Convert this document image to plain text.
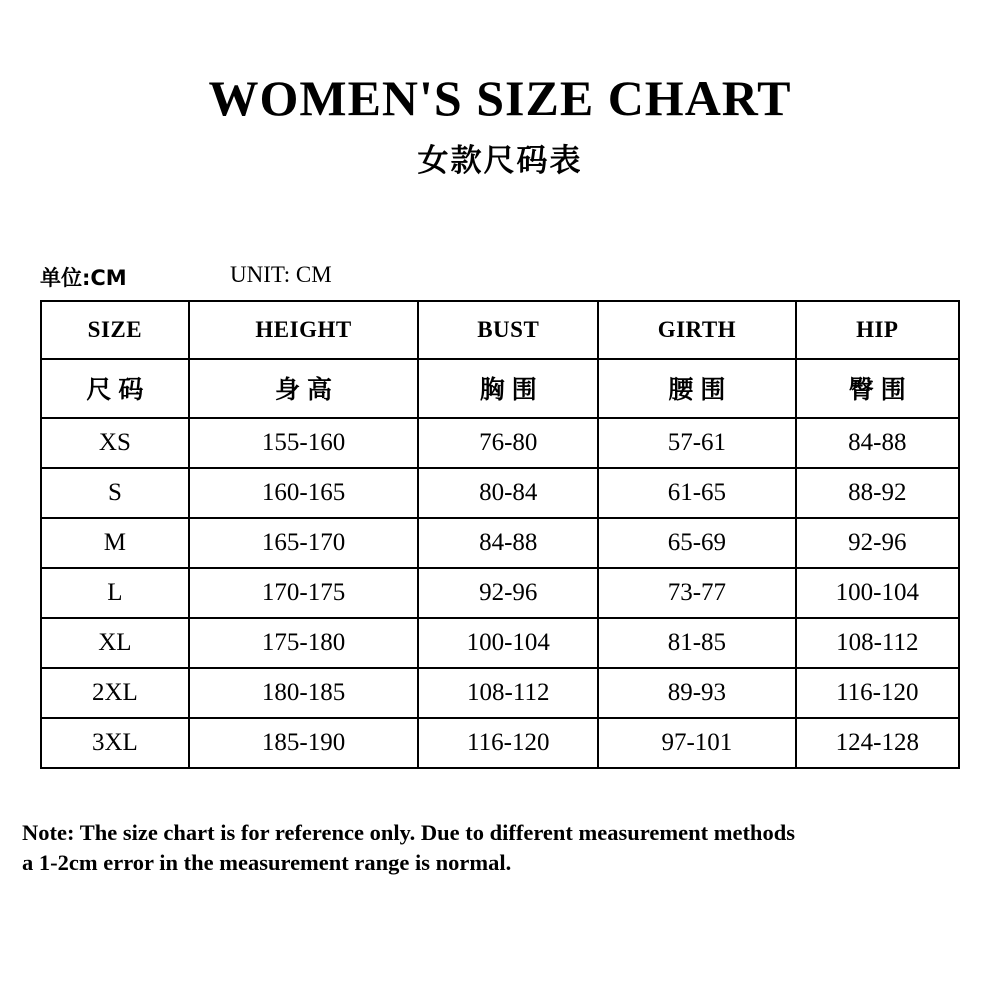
WOMEN'S SIZE CHART
女款尺码表
单位:CM	UNIT: CM
SIZE	HEIGHT	BUST	GIRTH	HIP
尺码	身高	胸围	腰围	臀围
XS	155-160	76-80	57-61	84-88
S	160-165	80-84	61-65	88-92
M	165-170	84-88	65-69	92-96
L	170-175	92-96	73-77	100-104
XL	175-180	100-104	81-85	108-112
2XL	180-185	108-112	89-93	116-120
3XL	185-190	116-120	97-101	124-128
Note: The size chart is for reference only. Due to different measurement methods
a 1-2cm error in the measurement range is normal.
